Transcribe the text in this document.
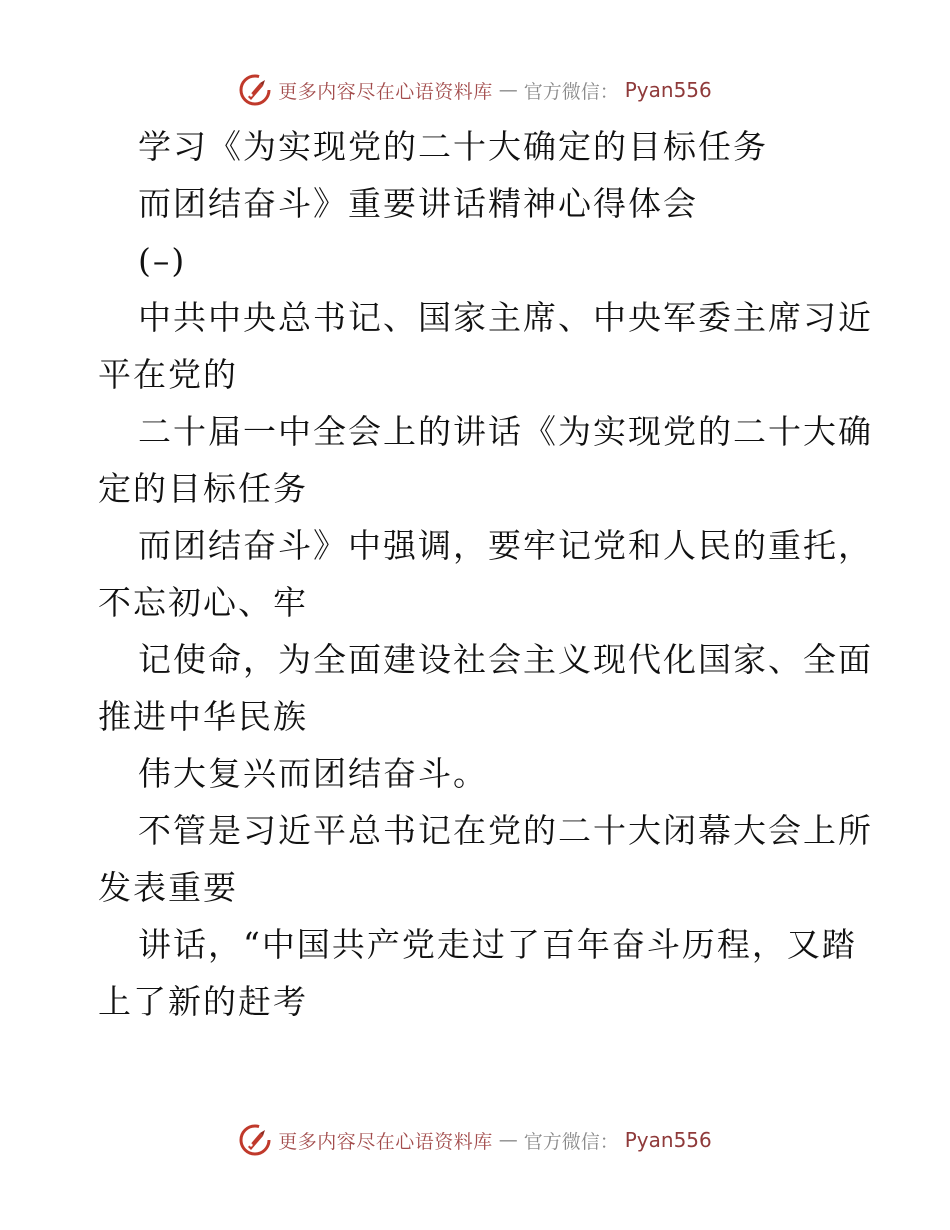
更多内容尽在心语资料库 — 官方微信： Pyan556
学习《为实现党的二十大确定的目标任务
而团结奋斗》重要讲话精神心得体会
(–)
中共中央总书记、国家主席、中央军委主席习近
平在党的
二十届一中全会上的讲话《为实现党的二十大确
定的目标任务
而团结奋斗》中强调，要牢记党和人民的重托，
不忘初心、牢
记使命，为全面建设社会主义现代化国家、全面
推进中华民族
伟大复兴而团结奋斗。
不管是习近平总书记在党的二十大闭幕大会上所
发表重要
讲话，“中国共产党走过了百年奋斗历程，又踏
上了新的赶考
更多内容尽在心语资料库 — 官方微信： Pyan556
